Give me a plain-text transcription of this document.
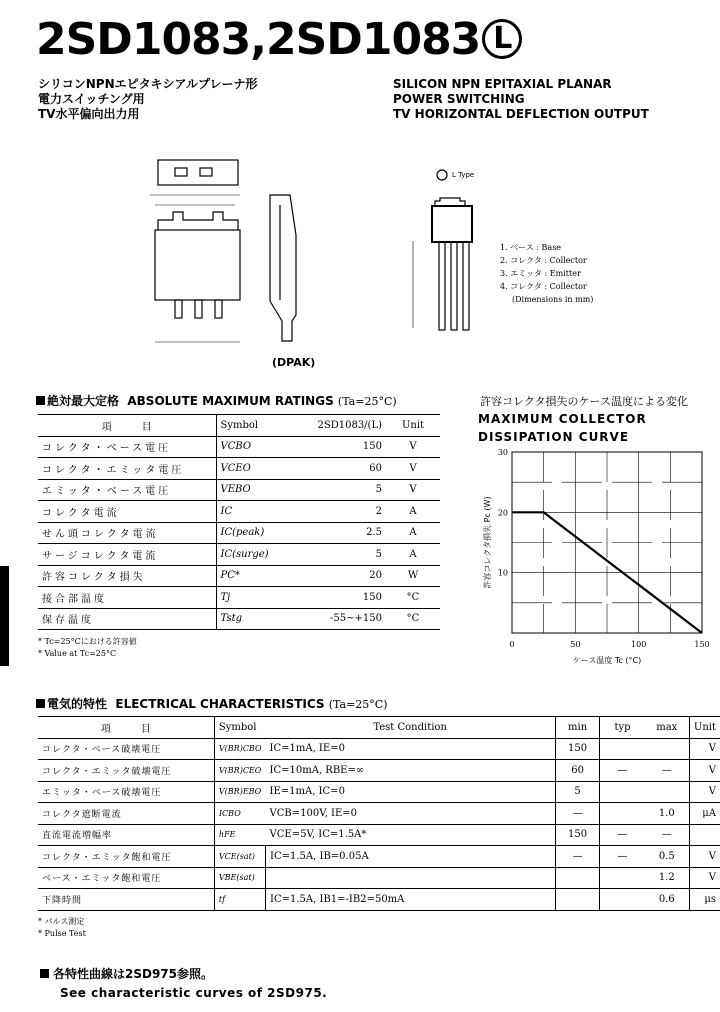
2SD1083,2SD1083 L
シリコンNPNエピタキシアルプレーナ形
電力スイッチング用
TV水平偏向出力用
SILICON NPN EPITAXIAL PLANAR
POWER SWITCHING
TV HORIZONTAL DEFLECTION OUTPUT
(DPAK)
L Type
1. ベース : Base
2. コレクタ : Collector
3. エミッタ : Emitter
4. コレクタ : Collector
(Dimensions in mm)
絶対最大定格 ABSOLUTE MAXIMUM RATINGS (Ta=25°C)
項　　　目	Symbol	2SD1083/(L)	Unit
コレクタ・ベース電圧	VCBO	150	V
コレクタ・エミッタ電圧	VCEO	60	V
エミッタ・ベース電圧	VEBO	5	V
コレクタ電流	IC	2	A
せん頭コレクタ電流	IC(peak)	2.5	A
サージコレクタ電流	IC(surge)	5	A
許容コレクタ損失	PC*	20	W
接合部温度	Tj	150	°C
保存温度	Tstg	-55~+150	°C
* Tc=25°Cにおける許容値
* Value at Tc=25°C
許容コレクタ損失のケース温度による変化
MAXIMUM COLLECTOR DISSIPATION CURVE
0	50	100	150
10
20
30
ケース温度 Tc (°C)
許容コレクタ損失 Pc (W)
電気的特性 ELECTRICAL CHARACTERISTICS (Ta=25°C)
項　　　目	Symbol	Test Condition	min	typ	max	Unit
コレクタ・ベース破壊電圧	V(BR)CBO	IC=1mA, IE=0	150			V
コレクタ・エミッタ破壊電圧	V(BR)CEO	IC=10mA, RBE=∞	60	—	—	V
エミッタ・ベース破壊電圧	V(BR)EBO	IE=1mA, IC=0	5			V
コレクタ遮断電流	ICBO	VCB=100V, IE=0	—		1.0	μA
直流電流増幅率	hFE	VCE=5V, IC=1.5A*	150	—	—	
コレクタ・エミッタ飽和電圧	VCE(sat)	IC=1.5A, IB=0.05A	—	—	0.5	V
ベース・エミッタ飽和電圧	VBE(sat)				1.2	V
下降時間	tf	IC=1.5A, IB1=-IB2=50mA			0.6	μs
* パルス測定
* Pulse Test
各特性曲線は2SD975参照。
See characteristic curves of 2SD975.
